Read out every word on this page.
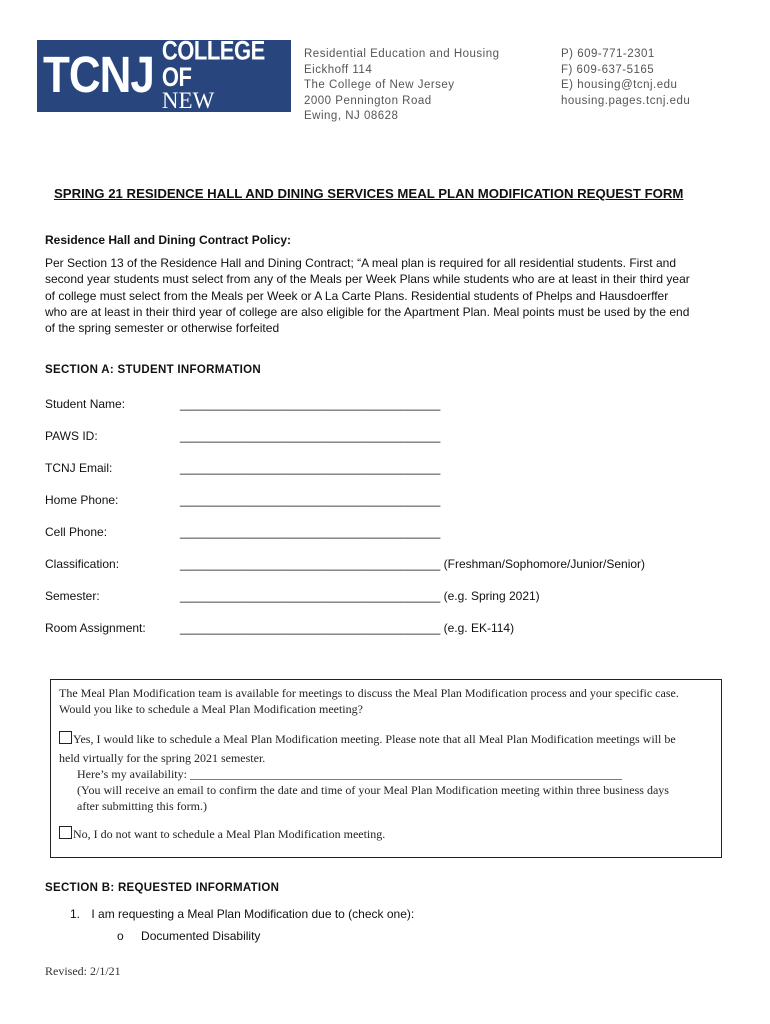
TCNJ
THE COLLEGE OF
NEW JERSEY
Residential Education and Housing
Eickhoff 114
The College of New Jersey
2000 Pennington Road
Ewing, NJ 08628
P) 609-771-2301
F) 609-637-5165
E) housing@tcnj.edu
housing.pages.tcnj.edu
SPRING 21 RESIDENCE HALL AND DINING SERVICES MEAL PLAN MODIFICATION REQUEST FORM
Residence Hall and Dining Contract Policy:
Per Section 13 of the Residence Hall and Dining Contract; “A meal plan is required for all residential students. First and
second year students must select from any of the Meals per Week Plans while students who are at least in their third year
of college must select from the Meals per Week or A La Carte Plans. Residential students of Phelps and Hausdoerffer
who are at least in their third year of college are also eligible for the Apartment Plan. Meal points must be used by the end
of the spring semester or otherwise forfeited
SECTION A: STUDENT INFORMATION
Student Name:	_______________________________________
PAWS ID:	_______________________________________
TCNJ Email:	_______________________________________
Home Phone:	_______________________________________
Cell Phone:	_______________________________________
Classification:	_______________________________________ (Freshman/Sophomore/Junior/Senior)
Semester:	_______________________________________ (e.g. Spring 2021)
Room Assignment:	_______________________________________ (e.g. EK-114)

The Meal Plan Modification team is available for meetings to discuss the Meal Plan Modification process and your specific case.

Would you like to schedule a Meal Plan Modification meeting?

Yes, I would like to schedule a Meal Plan Modification meeting. Please note that all Meal Plan Modification meetings will be

held virtually for the spring 2021 semester.

Here’s my availability: ________________________________________________________________________

(You will receive an email to confirm the date and time of your Meal Plan Modification meeting within three business days

after submitting this form.)

No, I do not want to schedule a Meal Plan Modification meeting.

SECTION B: REQUESTED INFORMATION
1. I am requesting a Meal Plan Modification due to (check one):
o Documented Disability
Revised: 2/1/21
